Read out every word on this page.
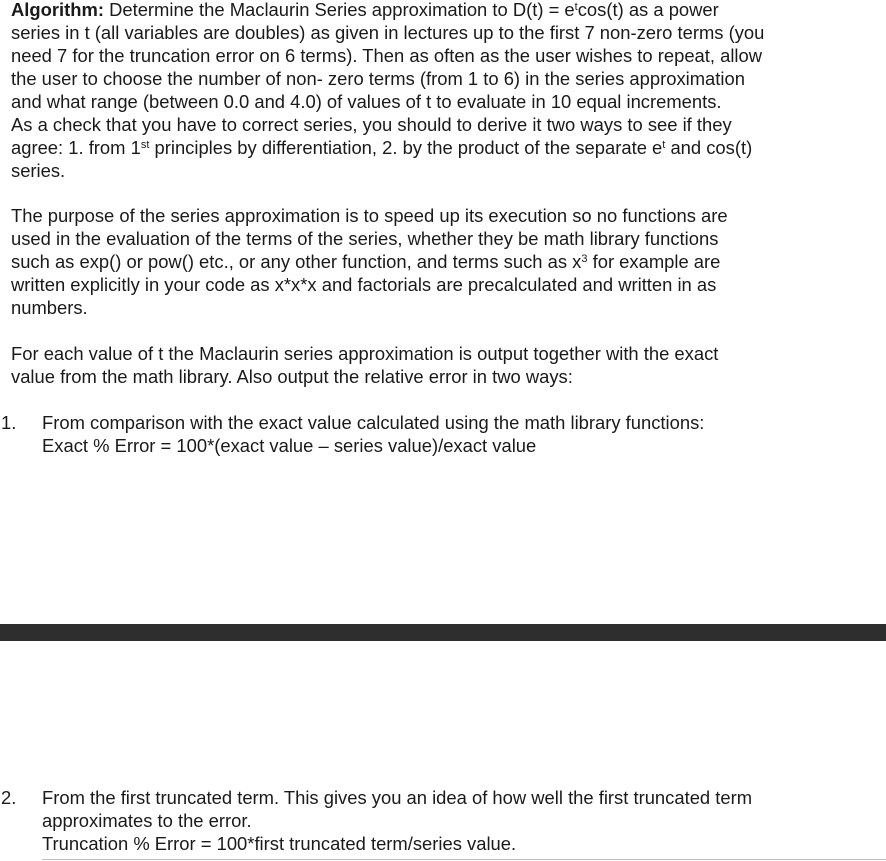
Algorithm: Determine the Maclaurin Series approximation to $D(t) = e^t\cos(t)$ as a power
series in t (all variables are doubles) as given in lectures up to the first 7 non-zero terms (you
need 7 for the truncation error on 6 terms). Then as often as the user wishes to repeat, allow
the user to choose the number of non- zero terms (from 1 to 6) in the series approximation
and what range (between 0.0 and 4.0) of values of t to evaluate in 10 equal increments.
As a check that you have to correct series, you should to derive it two ways to see if they
agree: 1. from 1st principles by differentiation, 2. by the product of the separate $e^t$ and cos(t)
series.

The purpose of the series approximation is to speed up its execution so no functions are
used in the evaluation of the terms of the series, whether they be math library functions
such as exp() or pow() etc., or any other function, and terms such as $x^3$ for example are
written explicitly in your code as x*x*x and factorials are precalculated and written in as
numbers.

For each value of t the Maclaurin series approximation is output together with the exact
value from the math library. Also output the relative error in two ways:

1. From comparison with the exact value calculated using the math library functions:
Exact % Error = 100*(exact value – series value)/exact value
2. From the first truncated term. This gives you an idea of how well the first truncated term
approximates to the error.
Truncation % Error = 100*first truncated term/series value.
